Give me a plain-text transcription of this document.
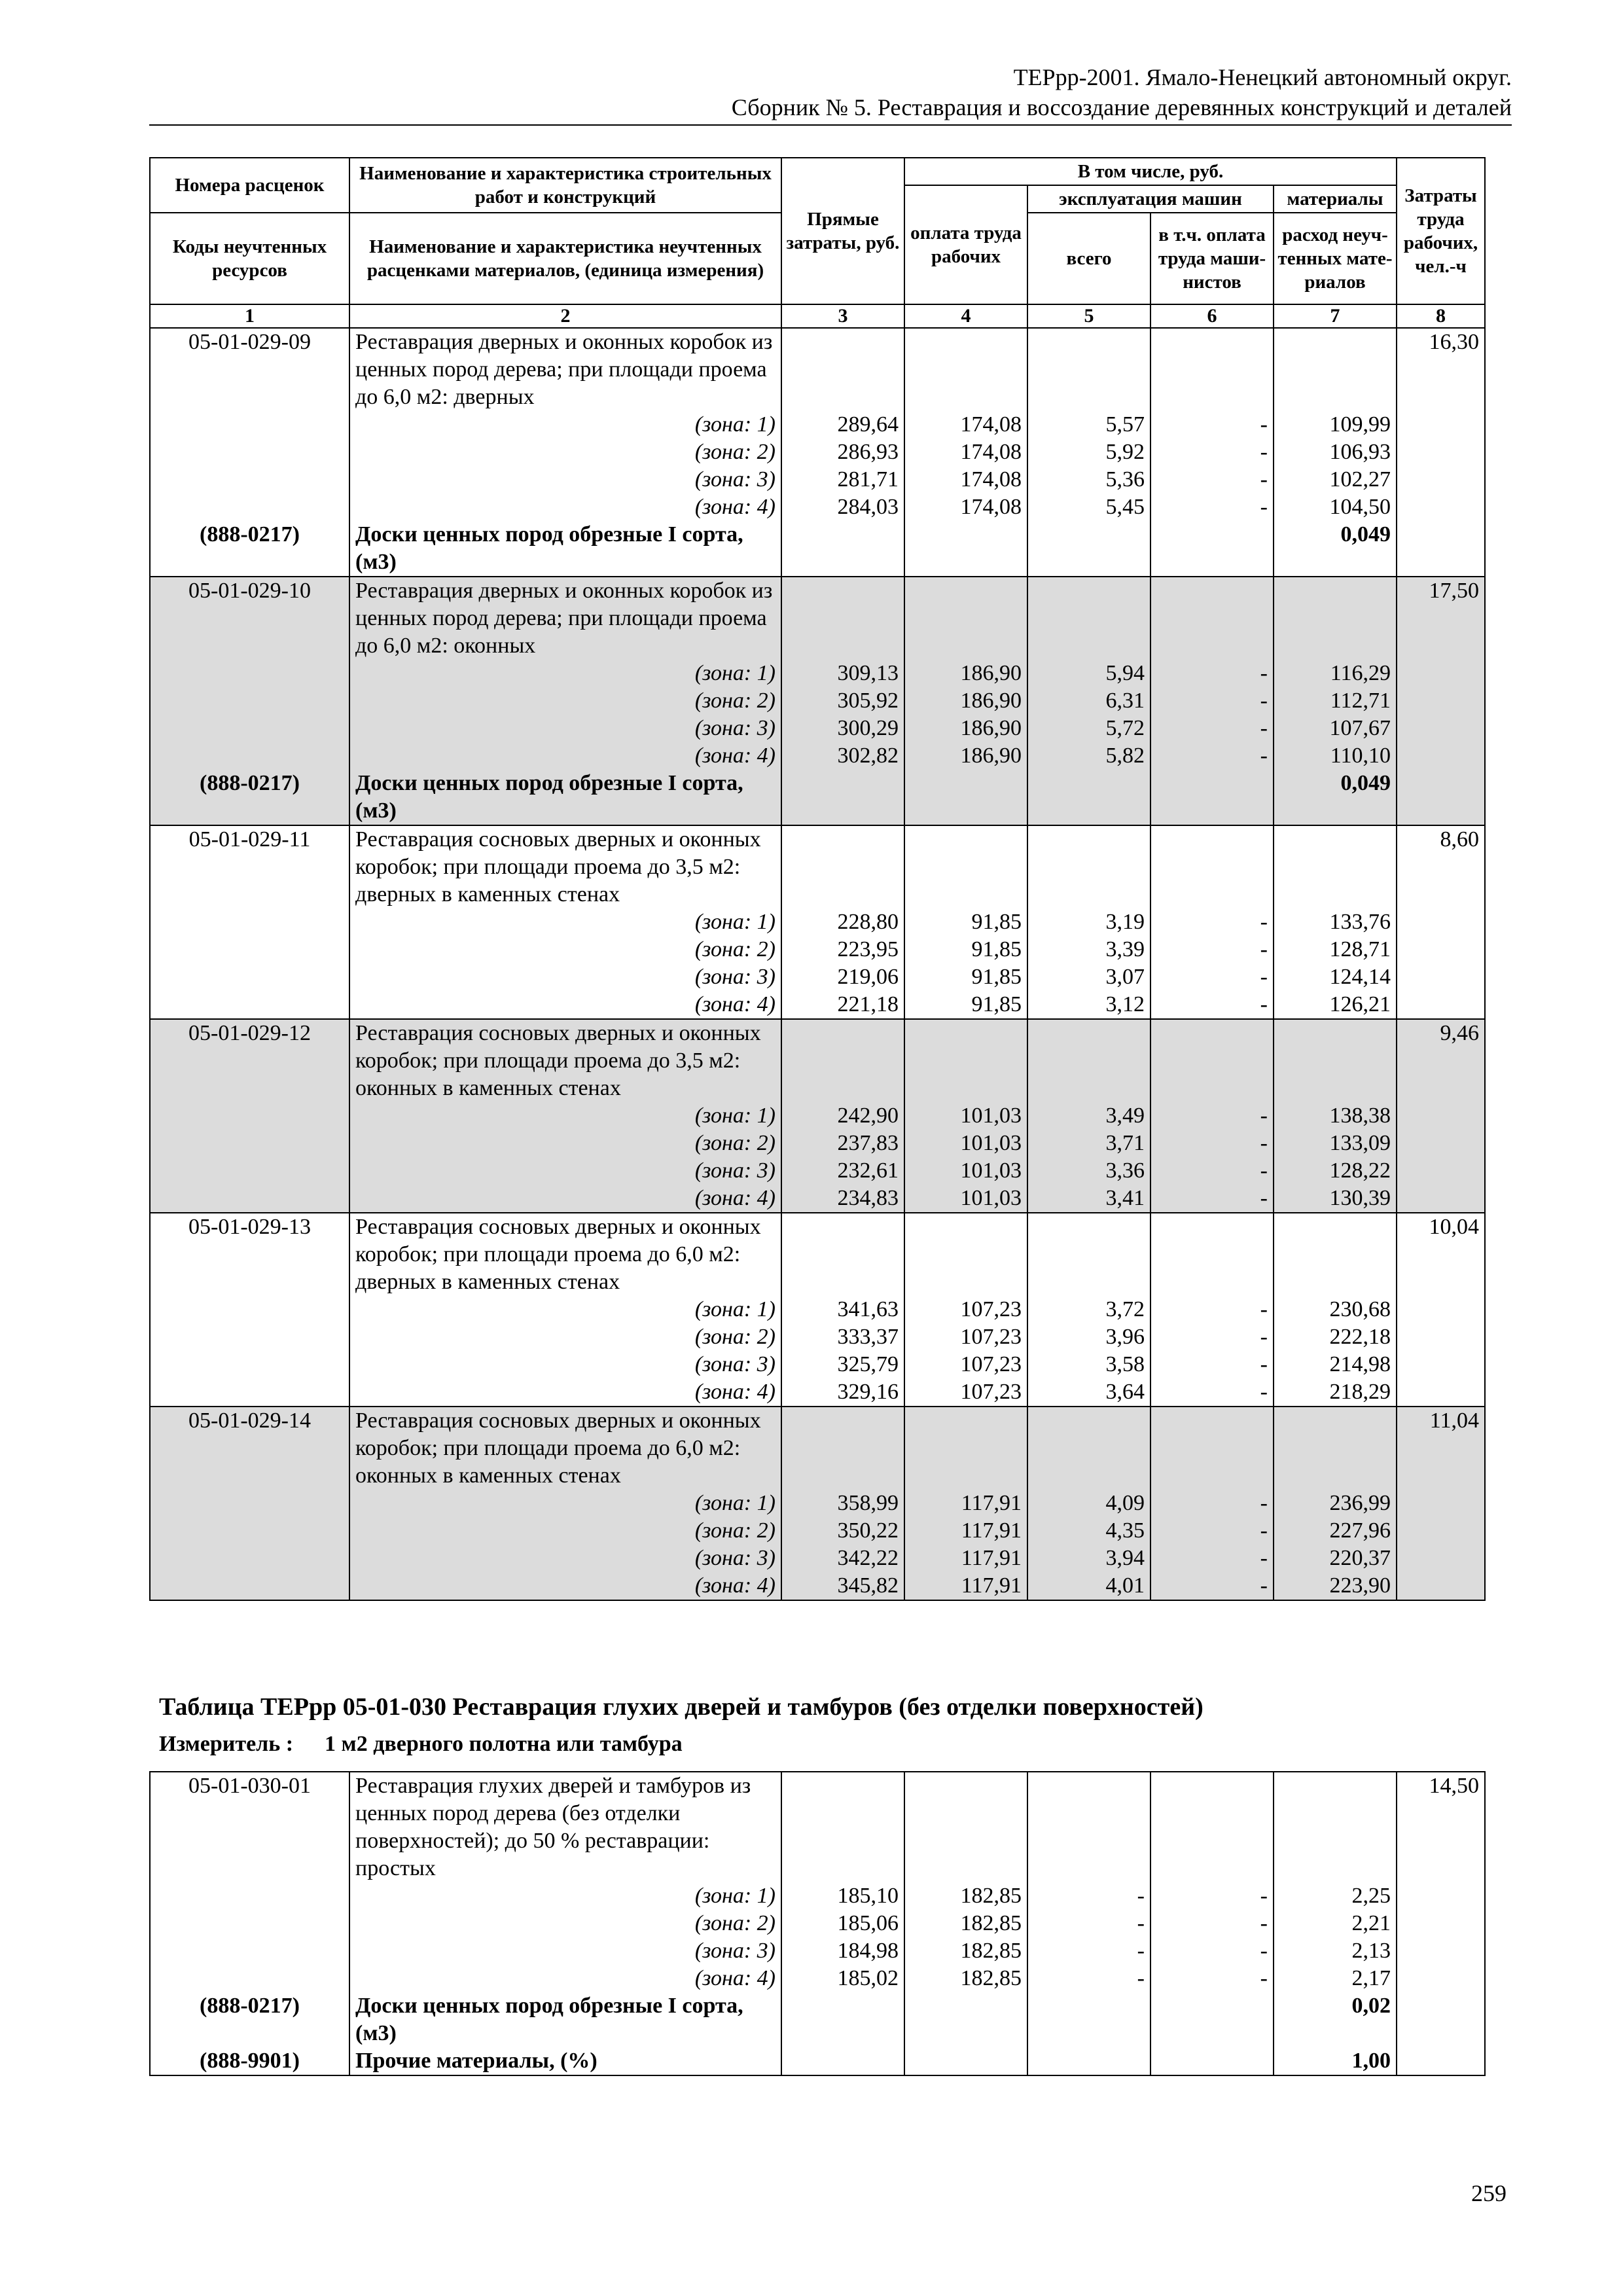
ТЕРрр-2001. Ямало-Ненецкий автономный округ.
Сборник № 5. Реставрация и воссоздание деревянных конструкций и деталей
Номера расценок	Наименование и характеристика строительных работ и конструкций	Прямые затраты, руб.	В том числе, руб.				Затраты труда рабочих, чел.-ч
			оплата труда рабочих	эксплуатация машин		материалы	
Коды неучтенных ресурсов	Наименование и характеристика неучтенных расценками материалов, (единица измерения)			всего	в т.ч. оплата труда маши-нистов	расход неуч-тенных мате-риалов	

1	2	3	4	5	6	7	8
05-01-029-09	Реставрация дверных и оконных коробок из ценных пород дерева; при площади проема до 6,0 м2: дверных						16,30
	(зона: 1)	289,64	174,08	5,57	-	109,99	
	(зона: 2)	286,93	174,08	5,92	-	106,93	
	(зона: 3)	281,71	174,08	5,36	-	102,27	
	(зона: 4)	284,03	174,08	5,45	-	104,50	
(888-0217)	Доски ценных пород обрезные I сорта, (м3)					0,049	
05-01-029-10	Реставрация дверных и оконных коробок из ценных пород дерева; при площади проема до 6,0 м2: оконных						17,50
	(зона: 1)	309,13	186,90	5,94	-	116,29	
	(зона: 2)	305,92	186,90	6,31	-	112,71	
	(зона: 3)	300,29	186,90	5,72	-	107,67	
	(зона: 4)	302,82	186,90	5,82	-	110,10	
(888-0217)	Доски ценных пород обрезные I сорта, (м3)					0,049	
05-01-029-11	Реставрация сосновых дверных и оконных коробок; при площади проема до 3,5 м2: дверных в каменных стенах						8,60
	(зона: 1)	228,80	91,85	3,19	-	133,76	
	(зона: 2)	223,95	91,85	3,39	-	128,71	
	(зона: 3)	219,06	91,85	3,07	-	124,14	
	(зона: 4)	221,18	91,85	3,12	-	126,21	
05-01-029-12	Реставрация сосновых дверных и оконных коробок; при площади проема до 3,5 м2: оконных в каменных стенах						9,46
	(зона: 1)	242,90	101,03	3,49	-	138,38	
	(зона: 2)	237,83	101,03	3,71	-	133,09	
	(зона: 3)	232,61	101,03	3,36	-	128,22	
	(зона: 4)	234,83	101,03	3,41	-	130,39	
05-01-029-13	Реставрация сосновых дверных и оконных коробок; при площади проема до 6,0 м2: дверных в каменных стенах						10,04
	(зона: 1)	341,63	107,23	3,72	-	230,68	
	(зона: 2)	333,37	107,23	3,96	-	222,18	
	(зона: 3)	325,79	107,23	3,58	-	214,98	
	(зона: 4)	329,16	107,23	3,64	-	218,29	
05-01-029-14	Реставрация сосновых дверных и оконных коробок; при площади проема до 6,0 м2: оконных в каменных стенах						11,04
	(зона: 1)	358,99	117,91	4,09	-	236,99	
	(зона: 2)	350,22	117,91	4,35	-	227,96	
	(зона: 3)	342,22	117,91	3,94	-	220,37	
	(зона: 4)	345,82	117,91	4,01	-	223,90	
Таблица ТЕРрр 05-01-030 Реставрация глухих дверей и тамбуров (без отделки поверхностей)
Измеритель : 1 м2 дверного полотна или тамбура
05-01-030-01	Реставрация глухих дверей и тамбуров из ценных пород дерева (без отделки поверхностей); до 50 % реставрации: простых						14,50
	(зона: 1)	185,10	182,85	-	-	2,25	
	(зона: 2)	185,06	182,85	-	-	2,21	
	(зона: 3)	184,98	182,85	-	-	2,13	
	(зона: 4)	185,02	182,85	-	-	2,17	
(888-0217)	Доски ценных пород обрезные I сорта, (м3)					0,02	
(888-9901)	Прочие материалы, (%)					1,00	
259
